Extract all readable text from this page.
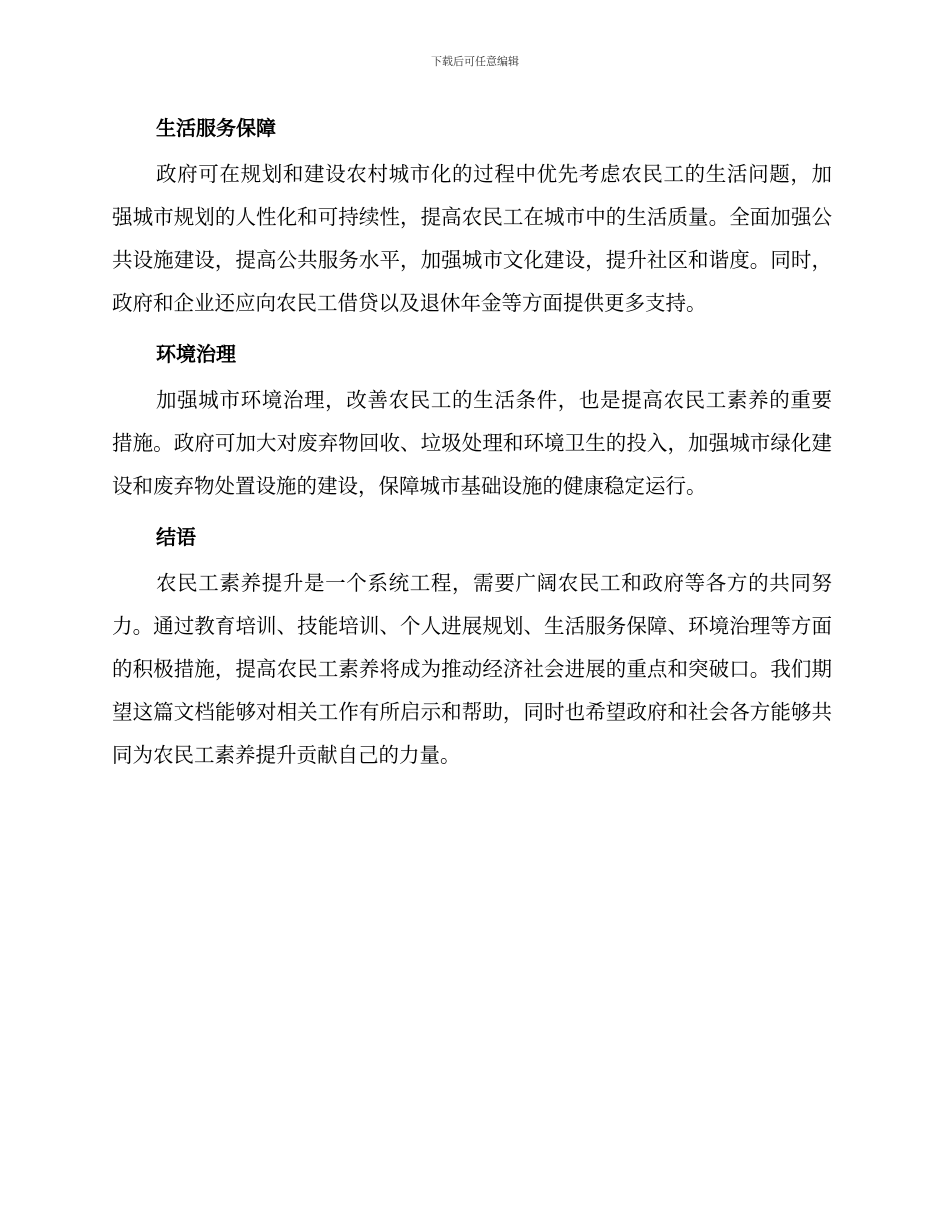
下载后可任意编辑
生活服务保障

政府可在规划和建设农村城市化的过程中优先考虑农民工的生活问题，加强城市规划的人性化和可持续性，提高农民工在城市中的生活质量。全面加强公共设施建设，提高公共服务水平，加强城市文化建设，提升社区和谐度。同时，政府和企业还应向农民工借贷以及退休年金等方面提供更多支持。

环境治理

加强城市环境治理，改善农民工的生活条件，也是提高农民工素养的重要措施。政府可加大对废弃物回收、垃圾处理和环境卫生的投入，加强城市绿化建设和废弃物处置设施的建设，保障城市基础设施的健康稳定运行。

结语

农民工素养提升是一个系统工程，需要广阔农民工和政府等各方的共同努力。通过教育培训、技能培训、个人进展规划、生活服务保障、环境治理等方面的积极措施，提高农民工素养将成为推动经济社会进展的重点和突破口。我们期望这篇文档能够对相关工作有所启示和帮助，同时也希望政府和社会各方能够共同为农民工素养提升贡献自己的力量。
